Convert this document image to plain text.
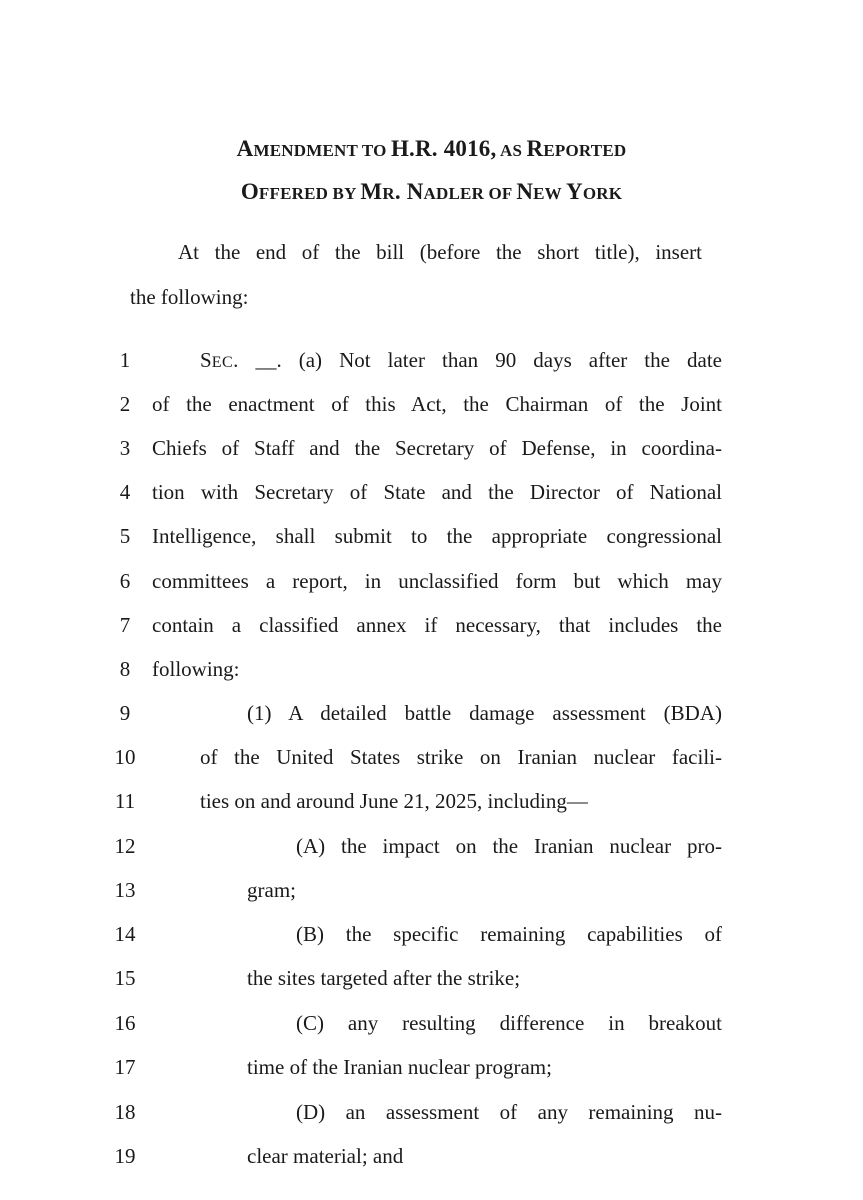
AMENDMENT TO H.R. 4016, AS REPORTED
OFFERED BY MR. NADLER OF NEW YORK
At the end of the bill (before the short title), insert
the following:
1	SEC. __. (a) Not later than 90 days after the date
2	of the enactment of this Act, the Chairman of the Joint
3	Chiefs of Staff and the Secretary of Defense, in coordina-
4	tion with Secretary of State and the Director of National
5	Intelligence, shall submit to the appropriate congressional
6	committees a report, in unclassified form but which may
7	contain a classified annex if necessary, that includes the
8	following:
9	(1) A detailed battle damage assessment (BDA)
10	of the United States strike on Iranian nuclear facili-
11	ties on and around June 21, 2025, including—
12	(A) the impact on the Iranian nuclear pro-
13	gram;
14	(B) the specific remaining capabilities of
15	the sites targeted after the strike;
16	(C) any resulting difference in breakout
17	time of the Iranian nuclear program;
18	(D) an assessment of any remaining nu-
19	clear material; and
